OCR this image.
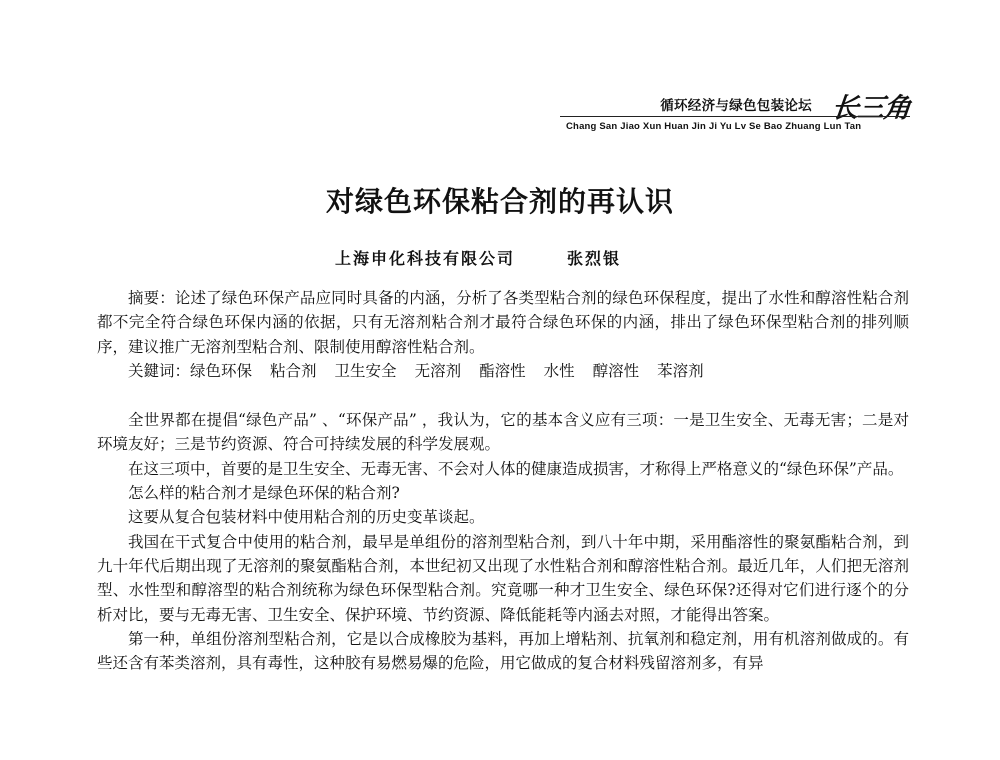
循环经济与绿色包装论坛 长三角
Chang San Jiao Xun Huan Jin Ji Yu Lv Se Bao Zhuang Lun Tan
对绿色环保粘合剂的再认识
上海申化科技有限公司	张烈银

摘要：论述了绿色环保产品应同时具备的内涵，分析了各类型粘合剂的绿色环保程度，提出了水性和醇溶性粘合剂都不完全符合绿色环保内涵的依据，只有无溶剂粘合剂才最符合绿色环保的内涵，排出了绿色环保型粘合剂的排列顺序，建议推广无溶剂型粘合剂、限制使用醇溶性粘合剂。

关鍵词：绿色环保 粘合剂 卫生安全 无溶剂 酯溶性 水性 醇溶性 苯溶剂

全世界都在提倡“绿色产品” 、“环保产品” ，我认为，它的基本含义应有三项：一是卫生安全、无毒无害；二是对环境友好；三是节约资源、符合可持续发展的科学发展观。

在这三项中，首要的是卫生安全、无毒无害、不会对人体的健康造成损害，才称得上严格意义的“绿色环保”产品。

怎么样的粘合剂才是绿色环保的粘合剂?

这要从复合包装材料中使用粘合剂的历史变革谈起。

我国在干式复合中使用的粘合剂，最早是单组份的溶剂型粘合剂，到八十年中期，采用酯溶性的聚氨酯粘合剂，到九十年代后期出现了无溶剂的聚氨酯粘合剂，本世纪初又出现了水性粘合剂和醇溶性粘合剂。最近几年，人们把无溶剂型、水性型和醇溶型的粘合剂统称为绿色环保型粘合剂。究竟哪一种才卫生安全、绿色环保?还得对它们进行逐个的分析对比，要与无毒无害、卫生安全、保护环境、节约资源、降低能耗等内涵去对照，才能得出答案。

第一种，单组份溶剂型粘合剂，它是以合成橡胶为基料，再加上增粘剂、抗氧剂和稳定剂，用有机溶剂做成的。有些还含有苯类溶剂，具有毒性，这种胶有易燃易爆的危险，用它做成的复合材料残留溶剂多，有异
